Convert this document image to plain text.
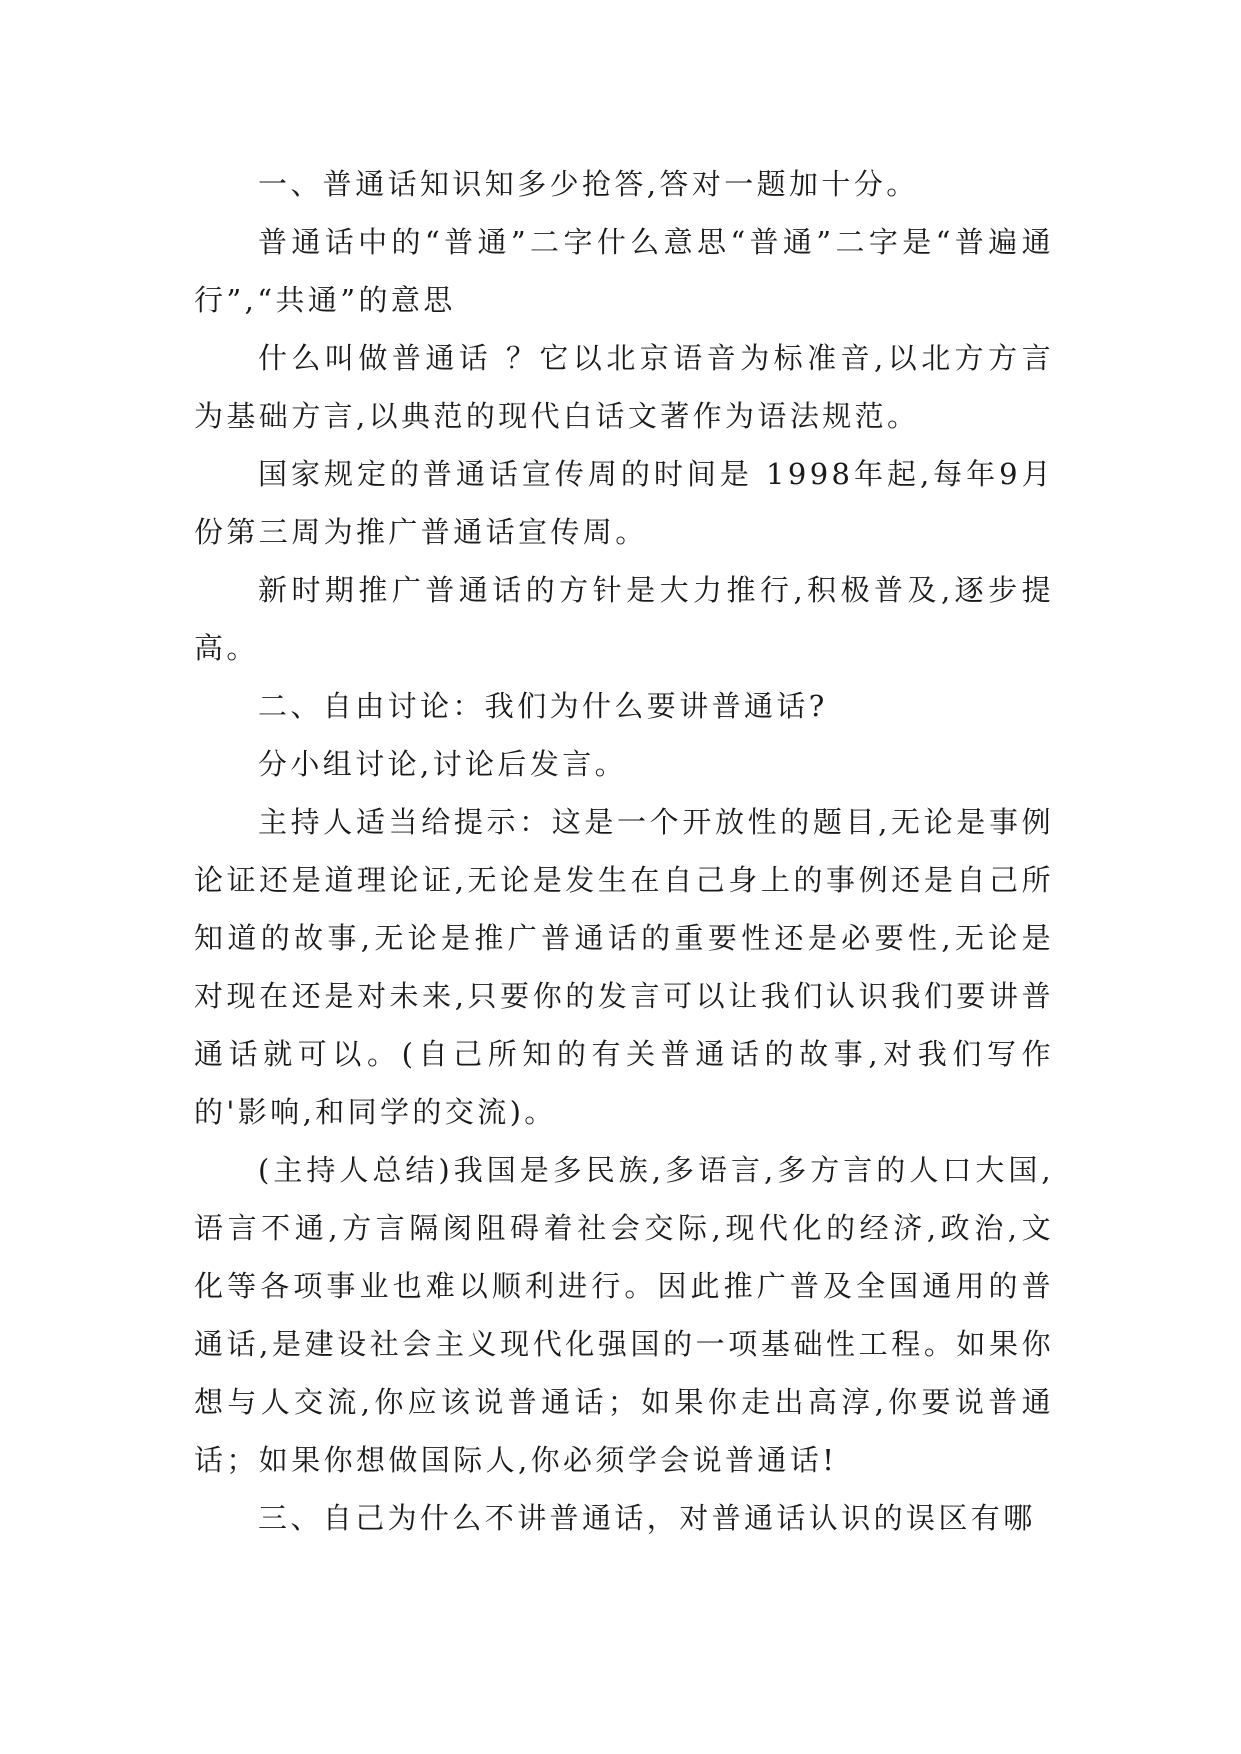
一、普通话知识知多少抢答,答对一题加十分。

普通话中的“普通”二字什么意思“普通”二字是“普遍通行”,“共通”的意思

什么叫做普通话 ？它以北京语音为标准音,以北方方言为基础方言,以典范的现代白话文著作为语法规范。

国家规定的普通话宣传周的时间是 1998年起,每年9月份第三周为推广普通话宣传周。

新时期推广普通话的方针是大力推行,积极普及,逐步提高。

二、自由讨论：我们为什么要讲普通话?

分小组讨论,讨论后发言。

主持人适当给提示：这是一个开放性的题目,无论是事例论证还是道理论证,无论是发生在自己身上的事例还是自己所知道的故事,无论是推广普通话的重要性还是必要性,无论是对现在还是对未来,只要你的发言可以让我们认识我们要讲普通话就可以。(自己所知的有关普通话的故事,对我们写作的'影响,和同学的交流)。

(主持人总结)我国是多民族,多语言,多方言的人口大国,语言不通,方言隔阂阻碍着社会交际,现代化的经济,政治,文化等各项事业也难以顺利进行。因此推广普及全国通用的普通话,是建设社会主义现代化强国的一项基础性工程。如果你想与人交流,你应该说普通话；如果你走出高淳,你要说普通话；如果你想做国际人,你必须学会说普通话!

三、自己为什么不讲普通话，对普通话认识的误区有哪
